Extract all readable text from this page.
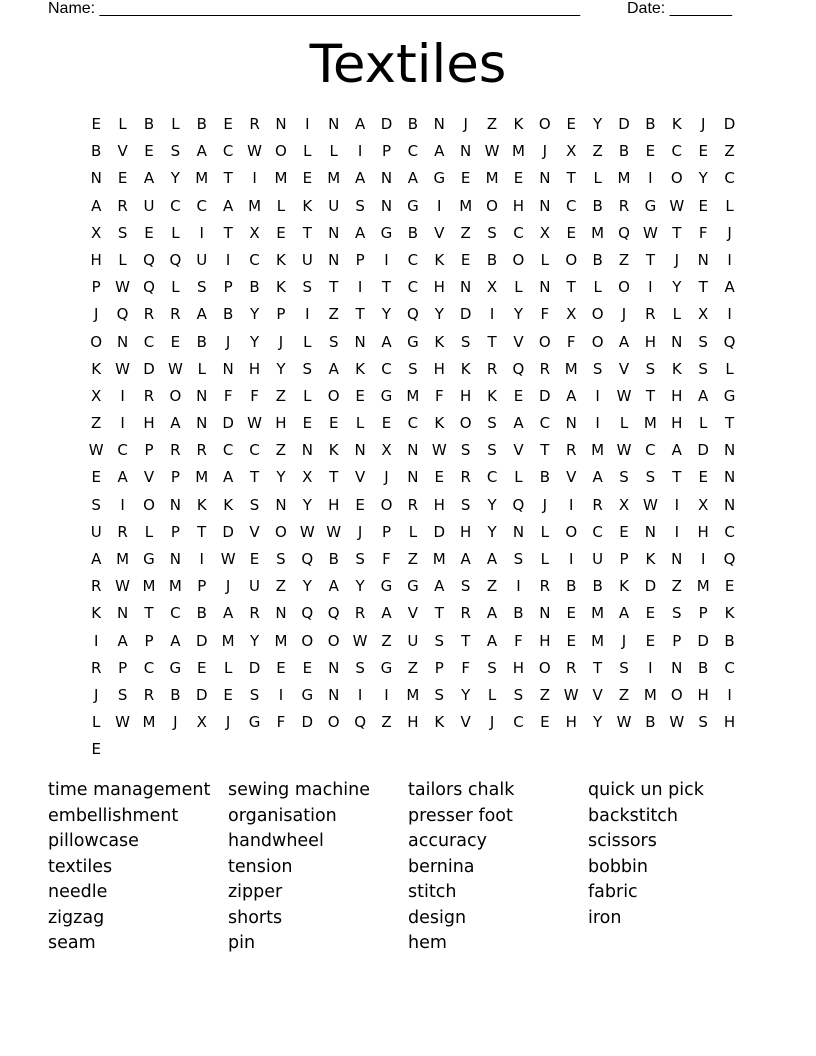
Name: ______________________________________________________	Date: _______
Textiles
E	L	B	L	B	E	R	N	I	N	A	D	B	N	J	Z	K	O	E	Y	D	B	K	J	D
B	V	E	S	A	C W O	L	L	I	P	C	A	N W M	J	X	Z	B	E	C	E	Z
N	E	A	Y	M	T	I	M	E	M A	N	A	G	E	M	E	N	T	L	M	I	O	Y	C
A	R	U	C	C	A M	L	K	U	S	N G	I	M O H	N	C	B	R	G W E	L
X	S	E	L	I	T	X	E	T	N	A	G	B	V	Z	S	C	X	E	M Q W T	F	J
H	L	Q Q	U	I	C	K	U	N	P	I	C	K	E	B	O	L	O	B	Z	T	J	N	I
P W Q	L	S	P	B	K	S	T	I	T	C	H	N	X	L	N	T	L	O	I	Y	T	A
J	Q	R	R	A	B	Y	P	I	Z	T	Y	Q	Y	D	I	Y	F	X	O	J	R	L	X	I
O N	C	E	B	J	Y	J	L	S	N	A	G	K	S	T	V	O	F	O	A	H	N	S	Q
K W D W L	N	H	Y	S	A	K	C	S	H	K	R	Q	R M	S	V	S	K	S	L
X	I	R	O N	F	F	Z	L	O	E	G M	F	H	K	E	D	A	I	W T	H	A	G
Z	I	H	A	N D W H	E	E	L	E	C	K	O	S	A	C	N	I	L	M H	L	T
W C	P	R	R	C	C	Z	N	K	N	X	N W S	S	V	T	R M W C	A	D	N
E	A	V	P	M A	T	Y	X	T	V	J	N	E	R	C	L	B	V	A	S	S	T	E	N
S	I	O N	K	K	S	N	Y	H	E	O	R	H	S	Y	Q	J	I	R	X W	I	X	N
U	R	L	P	T	D	V	O W W	J	P	L	D H	Y	N	L	O	C	E	N	I	H	C
A M G N	I	W E	S	Q	B	S	F	Z M A	A	S	L	I	U	P	K	N	I	Q
R W M M	P	J	U	Z	Y	A	Y	G G	A	S	Z	I	R	B	B	K	D	Z M	E
K	N	T	C	B	A	R	N Q Q	R	A	V	T	R	A	B	N	E	M A	E	S	P	K
I	A	P	A	D M	Y	M O O W Z	U	S	T	A	F	H	E	M	J	E	P	D	B
R	P	C	G	E	L	D	E	E	N	S	G	Z	P	F	S	H O	R	T	S	I	N	B	C
J	S	R	B	D	E	S	I	G N	I	I	M	S	Y	L	S	Z W V	Z M O H	I
L W M	J	X	J	G	F	D O Q	Z	H	K	V	J	C	E	H	Y W B W S	H
E
time management	sewing machine	tailors chalk	quick un pick
embellishment	organisation	presser foot	backstitch
pillowcase	handwheel	accuracy	scissors
textiles	tension	bernina	bobbin
needle	zipper	stitch	fabric
zigzag	shorts	design	iron
seam	pin	hem
